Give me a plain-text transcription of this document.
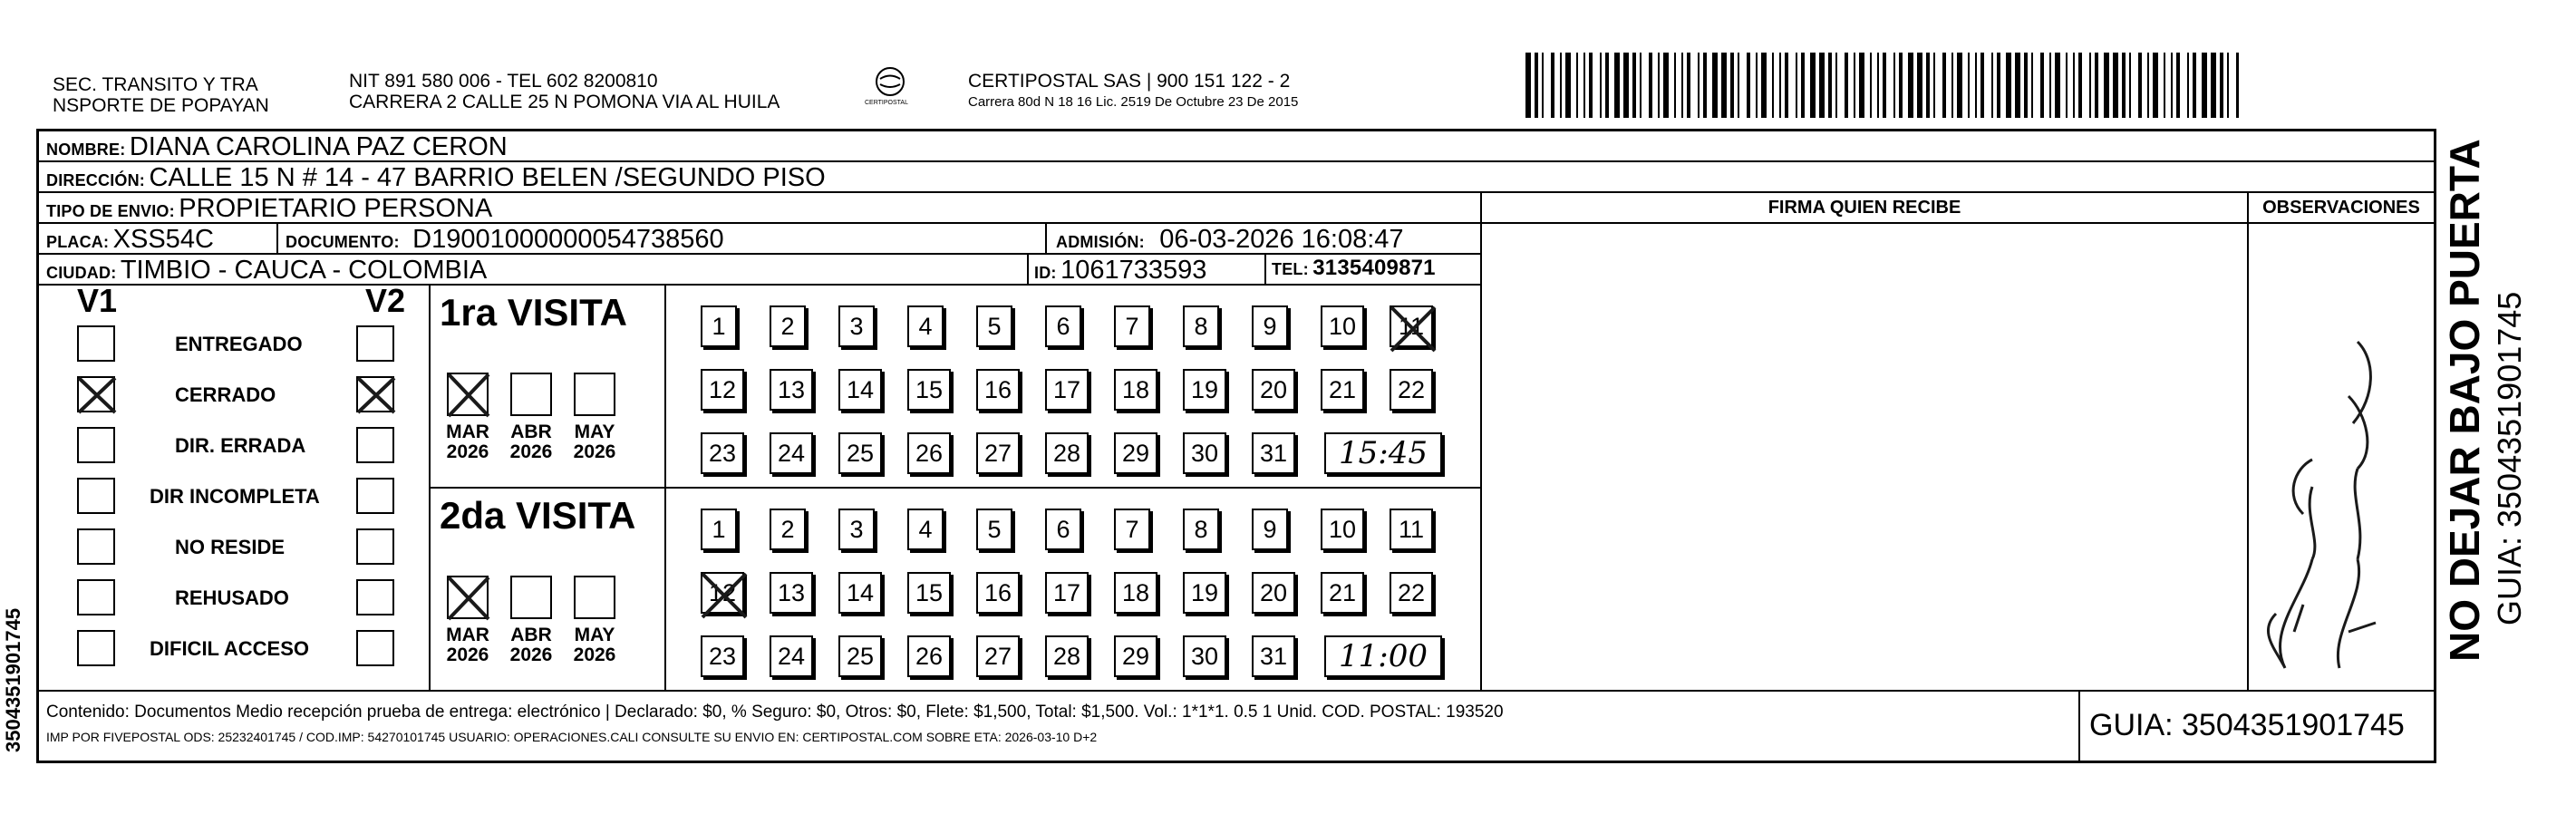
3504351901745
SEC. TRANSITO Y TRA
NSPORTE DE POPAYAN
NIT 891 580 006 - TEL 602 8200810
CARRERA 2 CALLE 25 N POMONA VIA AL HUILA	CERTIPOSTAL
CERTIPOSTAL SAS | 900 151 122 - 2
Carrera 80d N 18 16 Lic. 2519 De Octubre 23 De 2015
NOMBRE: DIANA CAROLINA PAZ CERON
DIRECCIÓN: CALLE 15 N # 14 - 47 BARRIO BELEN /SEGUNDO PISO
TIPO DE ENVIO: PROPIETARIO PERSONA	FIRMA QUIEN RECIBE	OBSERVACIONES
PLACA: XSS54C	DOCUMENTO: D19001000000054738560	ADMISIÓN: 06-03-2026 16:08:47
CIUDAD: TIMBIO - CAUCA - COLOMBIA	ID: 1061733593	TEL: 3135409871
V1	V2
ENTREGADO
CERRADO
DIR. ERRADA
DIR INCOMPLETA
NO RESIDE
REHUSADO
DIFICIL ACCESO
1ra VISITA
2da VISITA
MAR
2026
ABR
2026
MAY
2026
MAR
2026
ABR
2026
MAY
2026
1 2 3 4 5 6 7 8 9 10 11
12 13 14 15 16 17 18 19 20 21 22
23 24 25 26 27 28 29 30 31 15:45
1 2 3 4 5 6 7 8 9 10 11
12 13 14 15 16 17 18 19 20 21 22
23 24 25 26 27 28 29 30 31 11:00
Contenido: Documentos Medio recepción prueba de entrega: electrónico | Declarado: $0, % Seguro: $0, Otros: $0, Flete: $1,500, Total: $1,500. Vol.: 1*1*1. 0.5 1 Unid. COD. POSTAL: 193520
IMP POR FIVEPOSTAL ODS: 25232401745 / COD.IMP: 54270101745 USUARIO: OPERACIONES.CALI CONSULTE SU ENVIO EN: CERTIPOSTAL.COM SOBRE ETA: 2026-03-10 D+2	GUIA: 3504351901745
NO DEJAR BAJO PUERTA GUIA: 3504351901745
